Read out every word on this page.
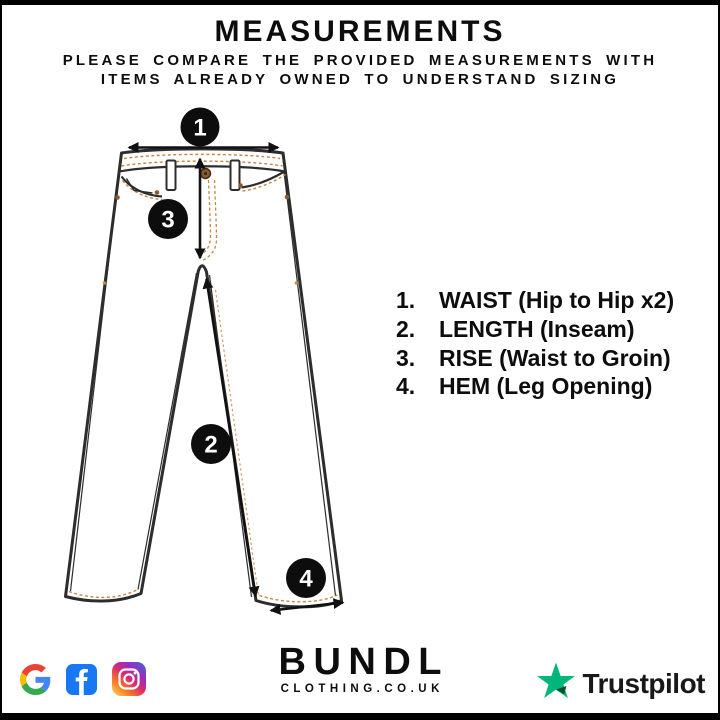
MEASUREMENTS
PLEASE COMPARE THE PROVIDED MEASUREMENTS WITH
ITEMS ALREADY OWNED TO UNDERSTAND SIZING
1
2
3
4
1.	WAIST (Hip to Hip x2)
2.	LENGTH (Inseam)
3.	RISE (Waist to Groin)
4.	HEM (Leg Opening)
BUNDL
CLOTHING.CO.UK	Trustpilot
